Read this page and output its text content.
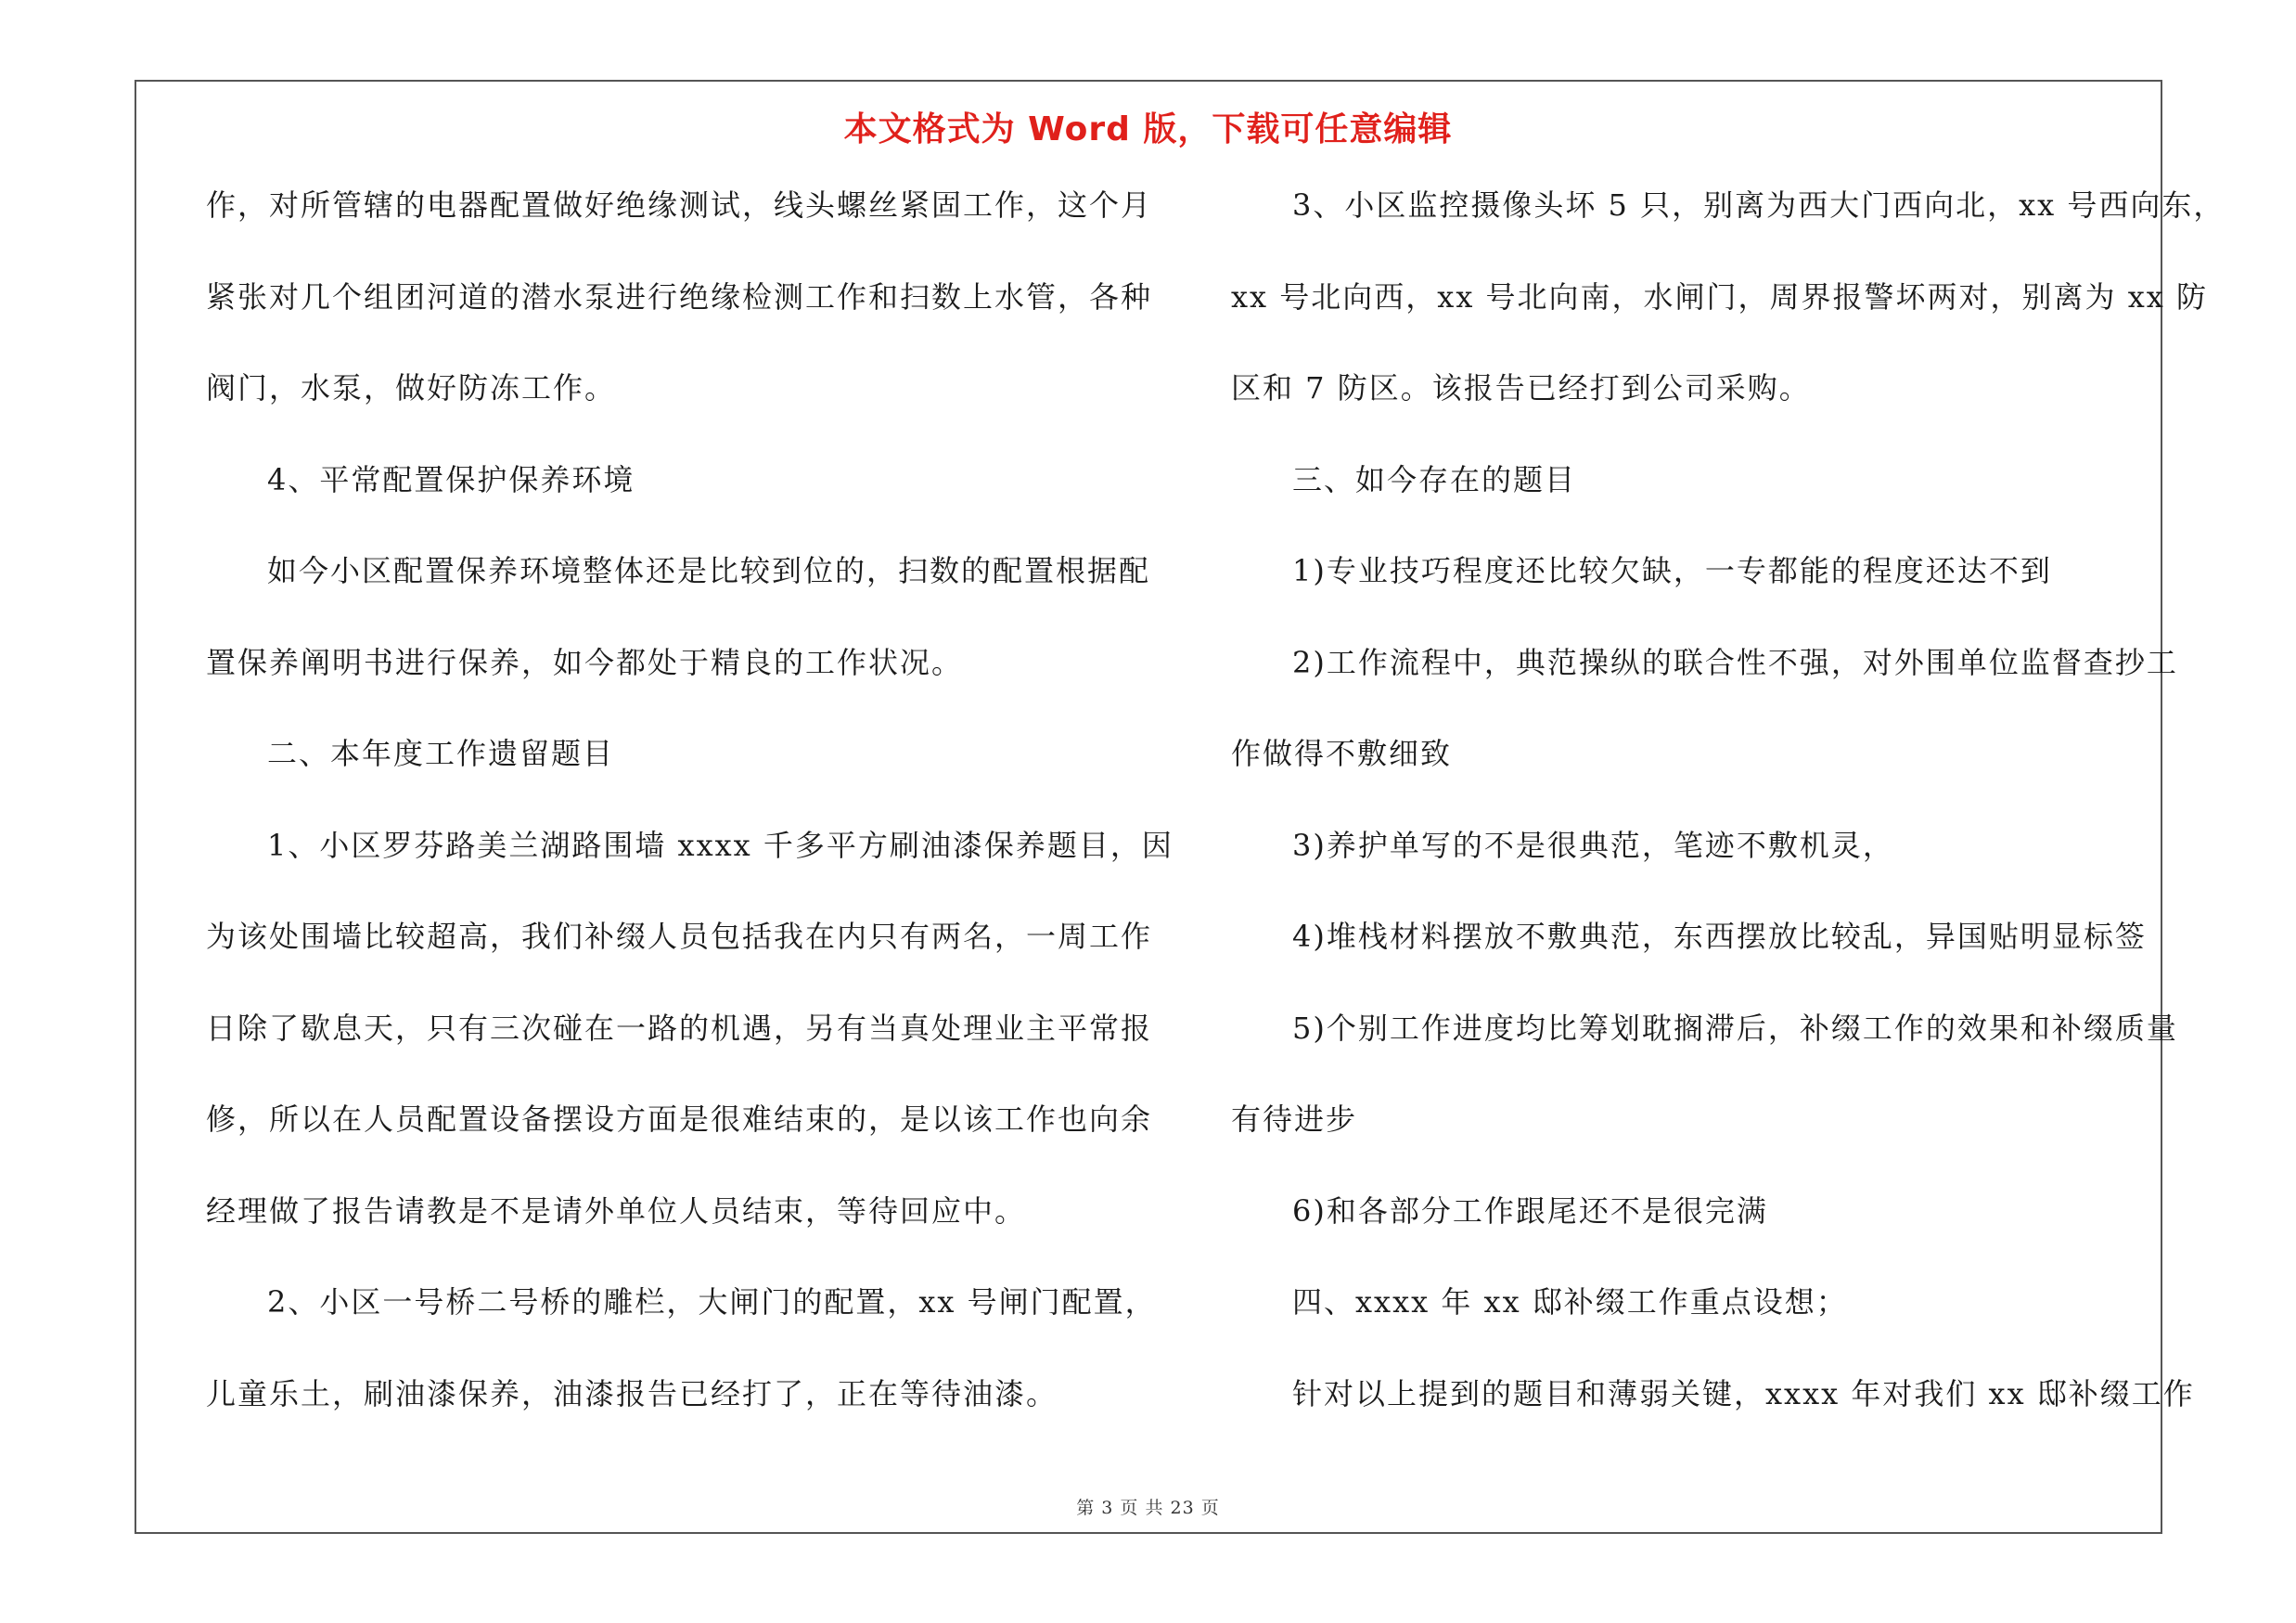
本文格式为 Word 版，下载可任意编辑
作，对所管辖的电器配置做好绝缘测试，线头螺丝紧固工作，这个月
紧张对几个组团河道的潜水泵进行绝缘检测工作和扫数上水管，各种
阀门，水泵，做好防冻工作。
4、平常配置保护保养环境
如今小区配置保养环境整体还是比较到位的，扫数的配置根据配
置保养阐明书进行保养，如今都处于精良的工作状况。
二、本年度工作遗留题目
1、小区罗芬路美兰湖路围墙 xxxx 千多平方刷油漆保养题目，因
为该处围墙比较超高，我们补缀人员包括我在内只有两名，一周工作
日除了歇息天，只有三次碰在一路的机遇，另有当真处理业主平常报
修，所以在人员配置设备摆设方面是很难结束的，是以该工作也向余
经理做了报告请教是不是请外单位人员结束，等待回应中。
2、小区一号桥二号桥的雕栏，大闸门的配置，xx 号闸门配置，
儿童乐土，刷油漆保养，油漆报告已经打了，正在等待油漆。
3、小区监控摄像头坏 5 只，别离为西大门西向北，xx 号西向东，
xx 号北向西，xx 号北向南，水闸门，周界报警坏两对，别离为 xx 防
区和 7 防区。该报告已经打到公司采购。
三、如今存在的题目
1)专业技巧程度还比较欠缺，一专都能的程度还达不到
2)工作流程中，典范操纵的联合性不强，对外围单位监督查抄工
作做得不敷细致
3)养护单写的不是很典范，笔迹不敷机灵，
4)堆栈材料摆放不敷典范，东西摆放比较乱，异国贴明显标签
5)个别工作进度均比筹划耽搁滞后，补缀工作的效果和补缀质量
有待进步
6)和各部分工作跟尾还不是很完满
四、xxxx 年 xx 邸补缀工作重点设想；
针对以上提到的题目和薄弱关键，xxxx 年对我们 xx 邸补缀工作
第 3 页 共 23 页
